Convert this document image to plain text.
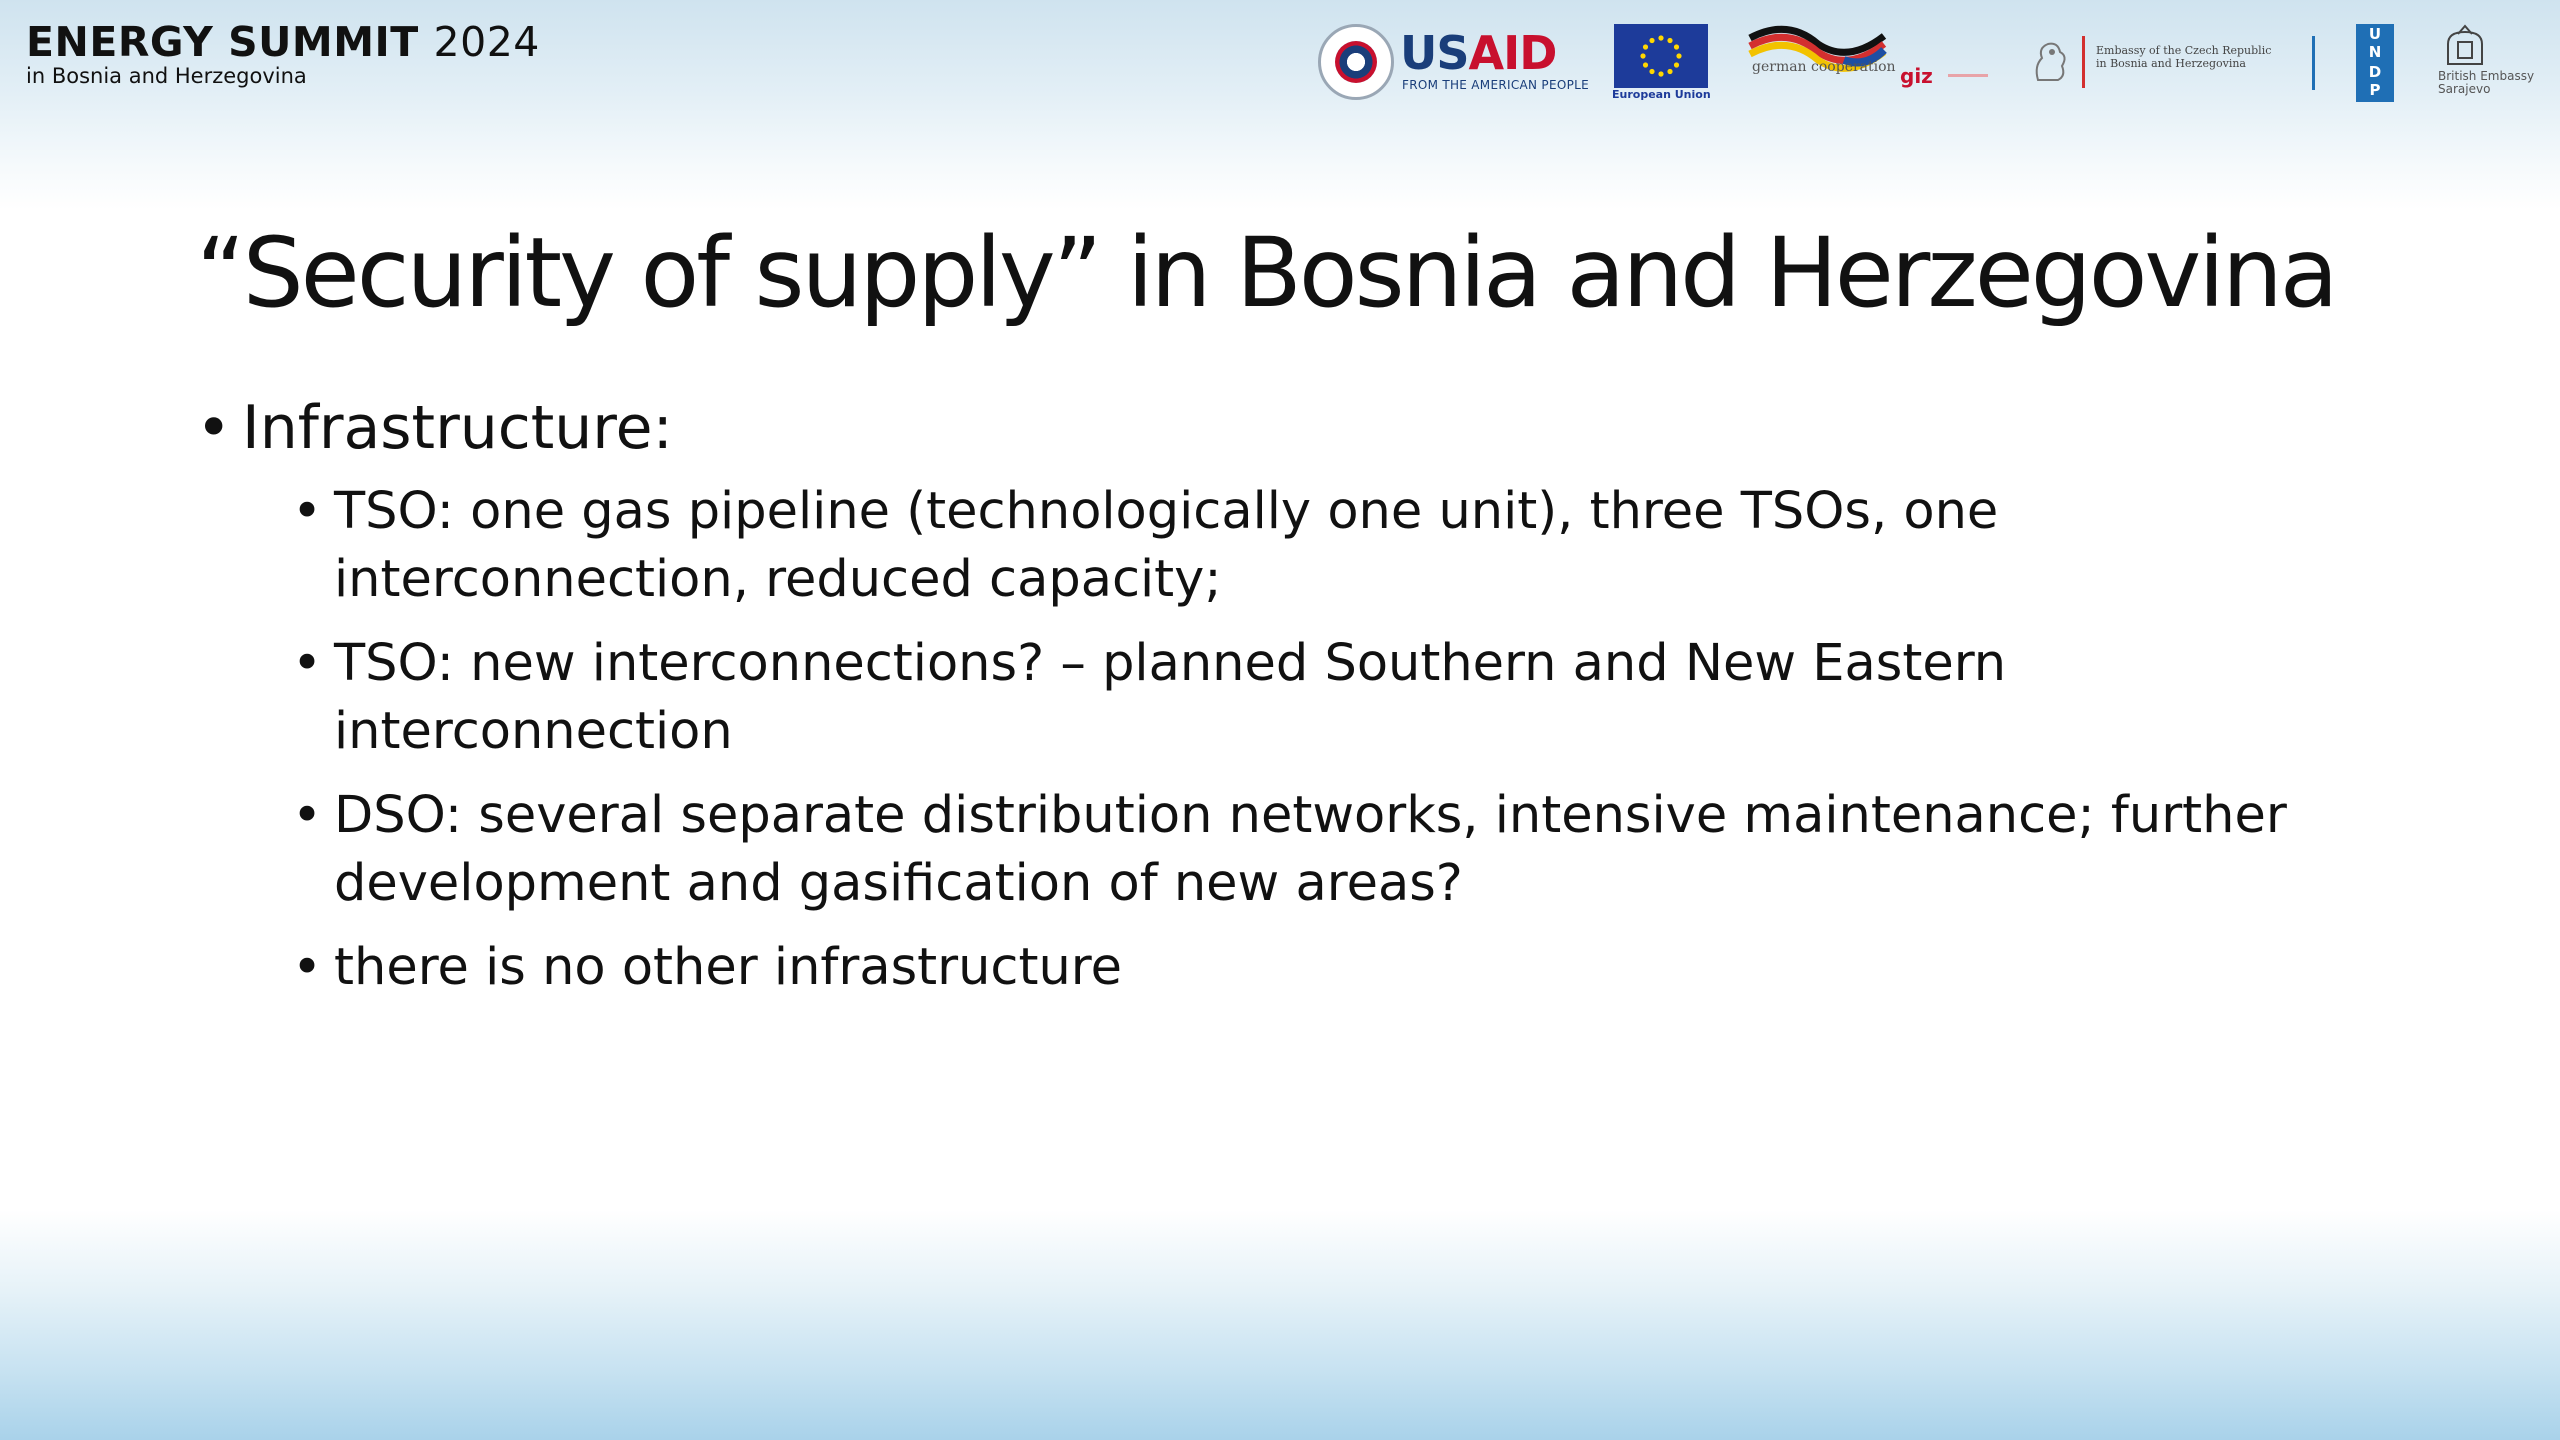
ENERGY SUMMIT 2024
in Bosnia and Herzegovina	USAID
FROM THE AMERICAN PEOPLE
European Union
german cooperation giz
Embassy of the Czech Republic in Bosnia and Herzegovina
U
N
D
P
British Embassy Sarajevo
“Security of supply” in Bosnia and Herzegovina
• Infrastructure:
• TSO: one gas pipeline (technologically one unit), three TSOs, one interconnection, reduced capacity;
• TSO: new interconnections? – planned Southern and New Eastern interconnection
• DSO: several separate distribution networks, intensive maintenance; further development and gasification of new areas?
• there is no other infrastructure
